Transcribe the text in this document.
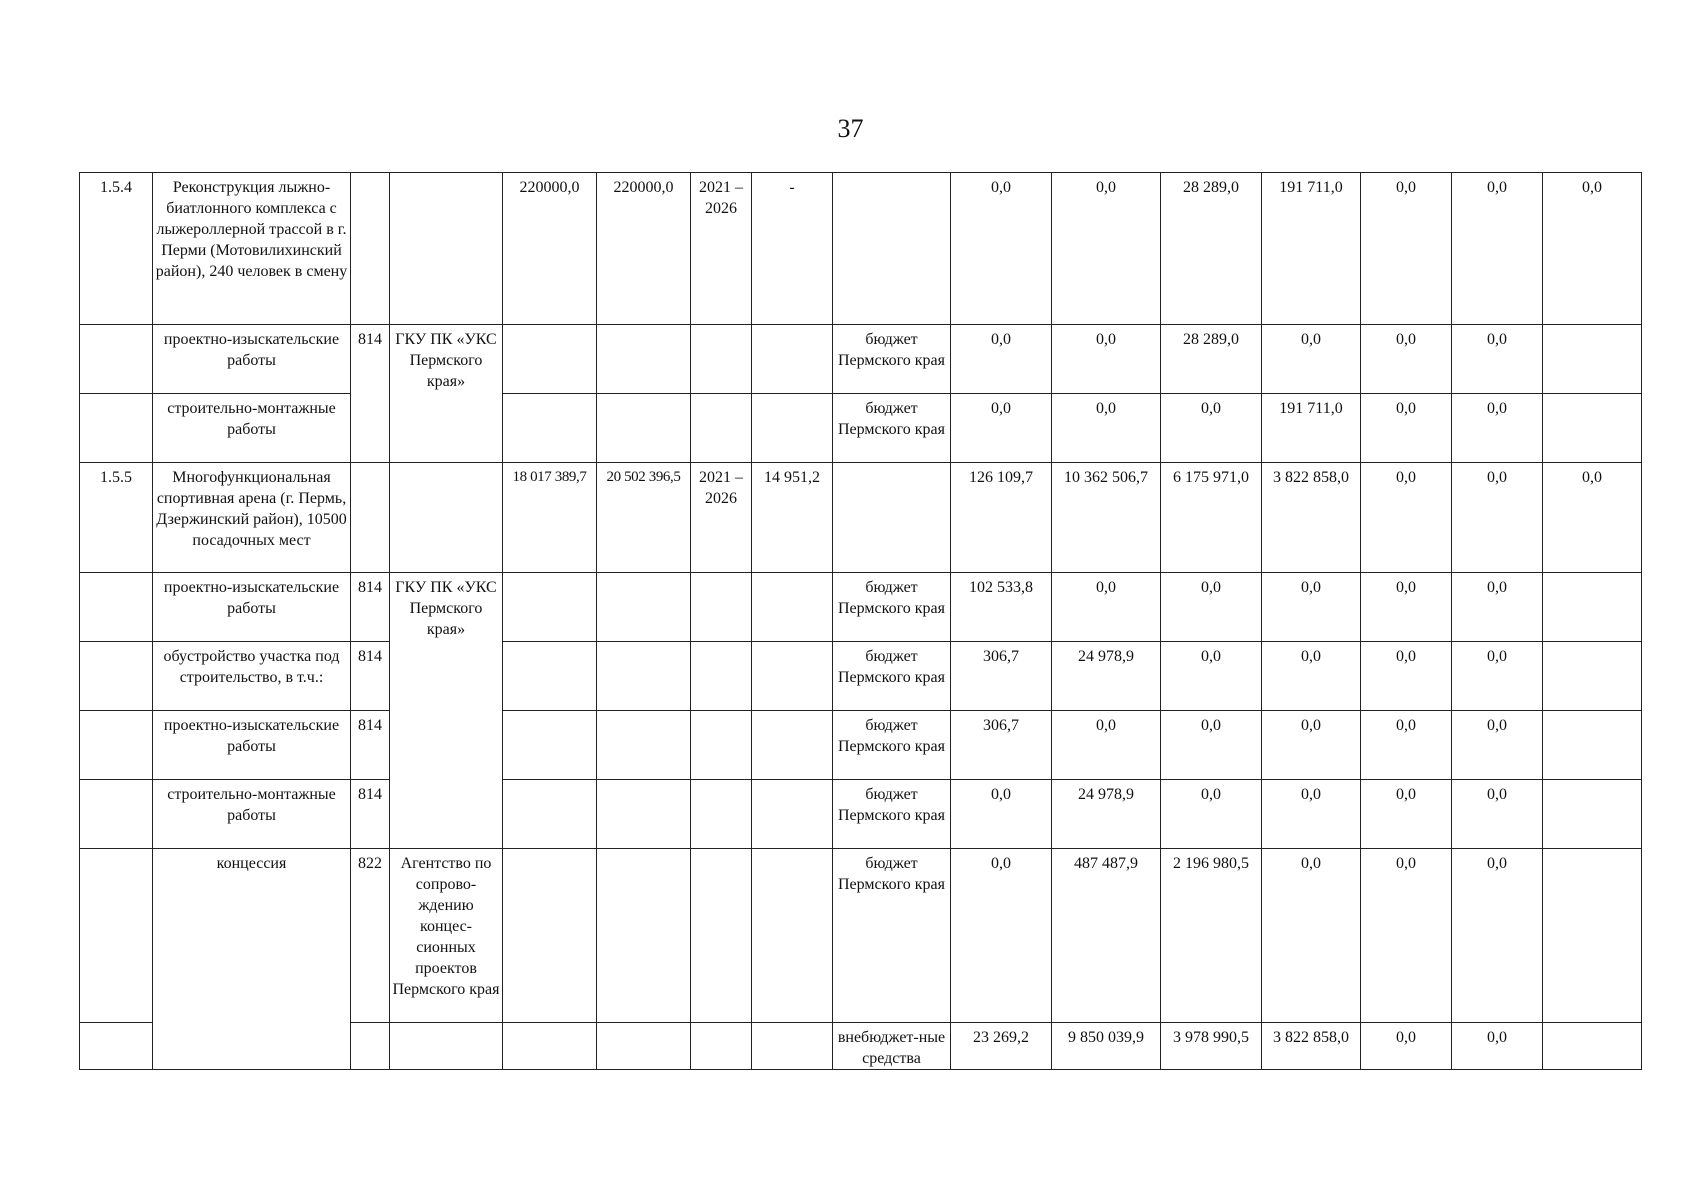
37
1.5.4	Реконструкция лыжно-биатлонного комплекса с лыжероллерной трассой в г. Перми (Мотовилихинский район), 240 человек в смену			220000,0	220000,0	2021 – 2026	-		0,0	0,0	28 289,0	191 711,0	0,0	0,0	0,0
	проектно-изыскательские работы	814	ГКУ ПК «УКС Пермского края»					бюджет Пермского края	0,0	0,0	28 289,0	0,0	0,0	0,0	
	строительно-монтажные работы							бюджет Пермского края	0,0	0,0	0,0	191 711,0	0,0	0,0	
1.5.5	Многофункциональная спортивная арена (г. Пермь, Дзержинский район), 10500 посадочных мест			18 017 389,7	20 502 396,5	2021 – 2026	14 951,2		126 109,7	10 362 506,7	6 175 971,0	3 822 858,0	0,0	0,0	0,0
	проектно-изыскательские работы	814	ГКУ ПК «УКС Пермского края»					бюджет Пермского края	102 533,8	0,0	0,0	0,0	0,0	0,0	
	обустройство участка под строительство, в т.ч.:	814						бюджет Пермского края	306,7	24 978,9	0,0	0,0	0,0	0,0	
	проектно-изыскательские работы	814						бюджет Пермского края	306,7	0,0	0,0	0,0	0,0	0,0	
	строительно-монтажные работы	814						бюджет Пермского края	0,0	24 978,9	0,0	0,0	0,0	0,0	
	концессия	822	Агентство по сопрово-ждению концес-сионных проектов Пермского края					бюджет Пермского края	0,0	487 487,9	2 196 980,5	0,0	0,0	0,0	
								внебюджет-ные средства	23 269,2	9 850 039,9	3 978 990,5	3 822 858,0	0,0	0,0	
